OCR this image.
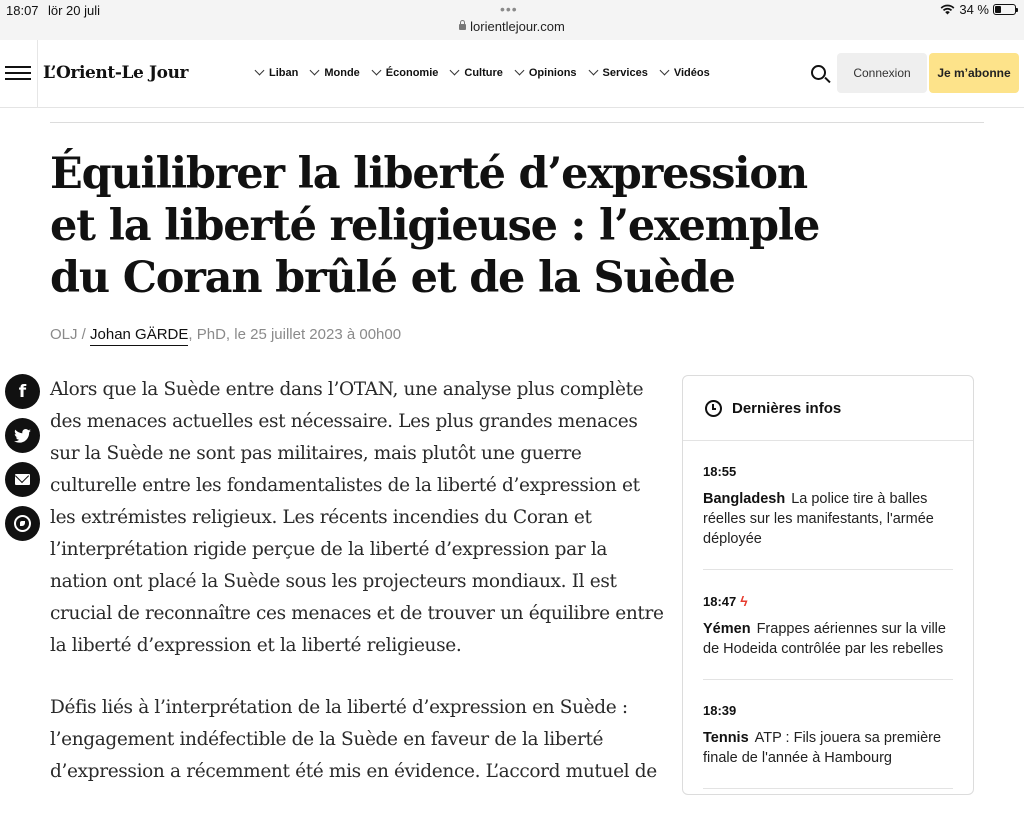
18:07 lör 20 juli	•••
lorientlejour.com
34 %
L’Orient-Le Jour	Liban Monde Économie Culture Opinions Services Vidéos	Connexion	Je m’abonne
Équilibrer la liberté d’expression et la liberté religieuse : l’exemple du Coran brûlé et de la Suède
OLJ / Johan GÄRDE, PhD, le 25 juillet 2023 à 00h00
f	Alors que la Suède entre dans l’OTAN, une analyse plus complète des menaces actuelles est nécessaire. Les plus grandes menaces sur la Suède ne sont pas militaires, mais plutôt une guerre culturelle entre les fondamentalistes de la liberté d’expression et les extrémistes religieux. Les récents incendies du Coran et l’interprétation rigide perçue de la liberté d’expression par la nation ont placé la Suède sous les projecteurs mondiaux. Il est crucial de reconnaître ces menaces et de trouver un équilibre entre la liberté d’expression et la liberté religieuse.

Défis liés à l’interprétation de la liberté d’expression en Suède : l’engagement indéfectible de la Suède en faveur de la liberté d’expression a récemment été mis en évidence. L’accord mutuel de

Dernières infos
18:55
Bangladesh La police tire à balles réelles sur les manifestants, l'armée déployée
18:47 ϟ
Yémen Frappes aériennes sur la ville de Hodeida contrôlée par les rebelles
18:39
Tennis ATP : Fils jouera sa première finale de l'année à Hambourg
